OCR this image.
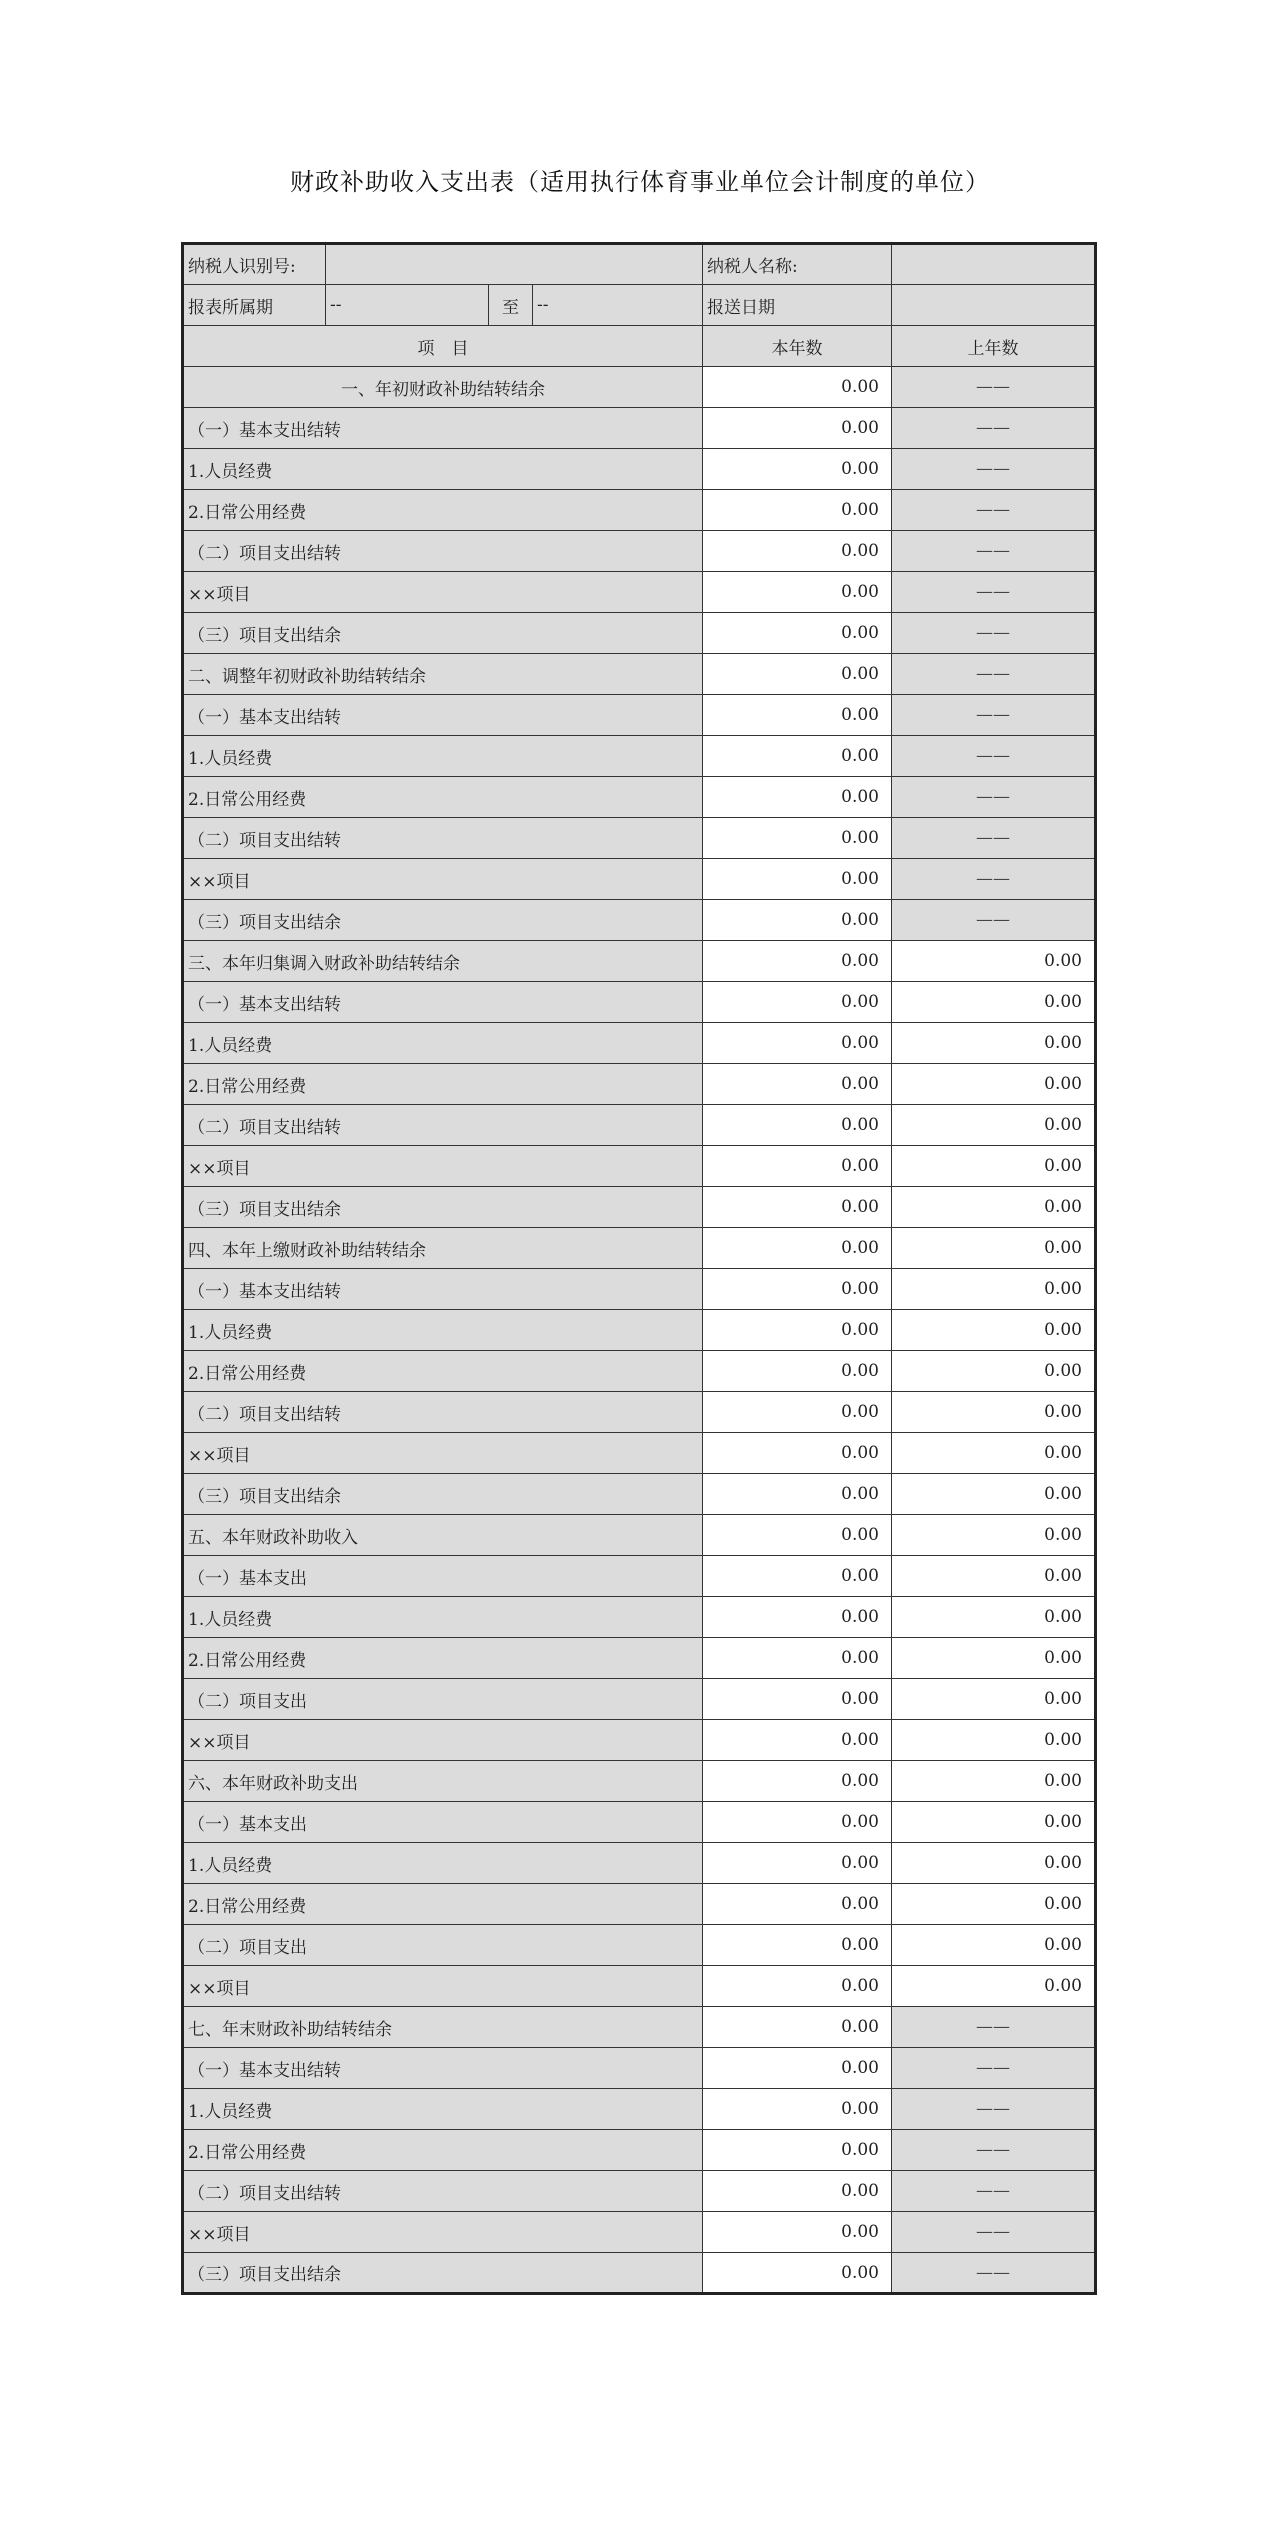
财政补助收入支出表（适用执行体育事业单位会计制度的单位）
纳税人识别号:				纳税人名称:	
报表所属期	--	至	--	报送日期	
项　目				本年数	上年数
一、年初财政补助结转结余				0.00	——
（一）基本支出结转				0.00	——
1.人员经费				0.00	——
2.日常公用经费				0.00	——
（二）项目支出结转				0.00	——
××项目				0.00	——
（三）项目支出结余				0.00	——
二、调整年初财政补助结转结余				0.00	——
（一）基本支出结转				0.00	——
1.人员经费				0.00	——
2.日常公用经费				0.00	——
（二）项目支出结转				0.00	——
××项目				0.00	——
（三）项目支出结余				0.00	——
三、本年归集调入财政补助结转结余				0.00	0.00
（一）基本支出结转				0.00	0.00
1.人员经费				0.00	0.00
2.日常公用经费				0.00	0.00
（二）项目支出结转				0.00	0.00
××项目				0.00	0.00
（三）项目支出结余				0.00	0.00
四、本年上缴财政补助结转结余				0.00	0.00
（一）基本支出结转				0.00	0.00
1.人员经费				0.00	0.00
2.日常公用经费				0.00	0.00
（二）项目支出结转				0.00	0.00
××项目				0.00	0.00
（三）项目支出结余				0.00	0.00
五、本年财政补助收入				0.00	0.00
（一）基本支出				0.00	0.00
1.人员经费				0.00	0.00
2.日常公用经费				0.00	0.00
（二）项目支出				0.00	0.00
××项目				0.00	0.00
六、本年财政补助支出				0.00	0.00
（一）基本支出				0.00	0.00
1.人员经费				0.00	0.00
2.日常公用经费				0.00	0.00
（二）项目支出				0.00	0.00
××项目				0.00	0.00
七、年末财政补助结转结余				0.00	——
（一）基本支出结转				0.00	——
1.人员经费				0.00	——
2.日常公用经费				0.00	——
（二）项目支出结转				0.00	——
××项目				0.00	——
（三）项目支出结余				0.00	——
